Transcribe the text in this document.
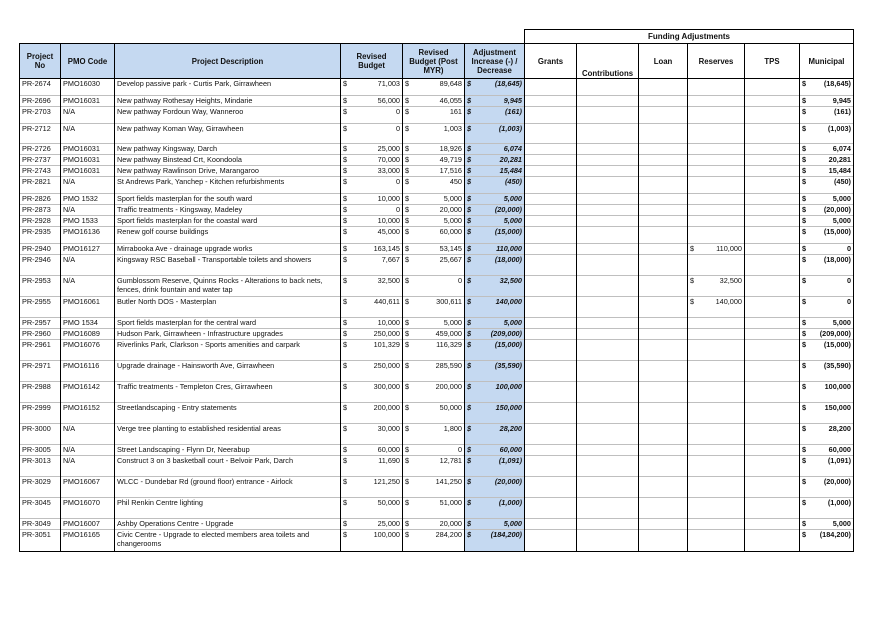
						Funding Adjustments					
Project No	PMO Code	Project Description	Revised Budget	Revised Budget (Post MYR)	Adjustment Increase (-) / Decrease	Grants	Contributions	Loan	Reserves	TPS	Municipal
PR-2674	PMO16030	Develop passive park - Curtis Park, Girrawheen	$ 71,003	$ 89,648	$ (18,645)						$ (18,645)

PR-2696	PMO16031	New pathway Rothesay Heights, Mindarie	$ 56,000	$ 46,055	$ 9,945						$ 9,945

PR-2703	N/A	New pathway Fordoun Way, Wanneroo	$ 0	$ 161	$ (161)						$ (161)

PR-2712	N/A	New pathway Koman Way, Girrawheen	$ 0	$ 1,003	$ (1,003)						$ (1,003)

PR-2726	PMO16031	New pathway Kingsway, Darch	$ 25,000	$ 18,926	$ 6,074						$ 6,074

PR-2737	PMO16031	New pathway Binstead Crt, Koondoola	$ 70,000	$ 49,719	$ 20,281						$ 20,281

PR-2743	PMO16031	New pathway Rawlinson Drive, Marangaroo	$ 33,000	$ 17,516	$ 15,484						$ 15,484

PR-2821	N/A	St Andrews Park, Yanchep - Kitchen refurbishments	$ 0	$ 450	$ (450)						$ (450)

PR-2826	PMO 1532	Sport fields masterplan for the south ward	$ 10,000	$ 5,000	$ 5,000						$ 5,000

PR-2873	N/A	Traffic treatments - Kingsway, Madeley	$ 0	$ 20,000	$ (20,000)						$ (20,000)

PR-2928	PMO 1533	Sport fields masterplan for the coastal ward	$ 10,000	$ 5,000	$ 5,000						$ 5,000

PR-2935	PMO16136	Renew golf course buildings	$ 45,000	$ 60,000	$ (15,000)						$ (15,000)

PR-2940	PMO16127	Mirrabooka Ave - drainage upgrade works	$ 163,145	$ 53,145	$ 110,000				$ 110,000		$ 0

PR-2946	N/A	Kingsway RSC Baseball - Transportable toilets and showers	$ 7,667	$ 25,667	$ (18,000)						$ (18,000)

PR-2953	N/A	Gumblossom Reserve, Quinns Rocks - Alterations to back nets, fences, drink fountain and water tap	$ 32,500	$ 0	$ 32,500				$ 32,500		$ 0

PR-2955	PMO16061	Butler North DOS - Masterplan	$ 440,611	$ 300,611	$ 140,000				$ 140,000		$ 0

PR-2957	PMO 1534	Sport fields masterplan for the central ward	$ 10,000	$ 5,000	$ 5,000						$ 5,000

PR-2960	PMO16089	Hudson Park, Girrawheen - Infrastructure upgrades	$ 250,000	$ 459,000	$ (209,000)						$ (209,000)

PR-2961	PMO16076	Riverlinks Park, Clarkson - Sports amenities and carpark	$ 101,329	$ 116,329	$ (15,000)						$ (15,000)

PR-2971	PMO16116	Upgrade drainage - Hainsworth Ave, Girrawheen	$ 250,000	$ 285,590	$ (35,590)						$ (35,590)

PR-2988	PMO16142	Traffic treatments - Templeton Cres, Girrawheen	$ 300,000	$ 200,000	$ 100,000						$ 100,000

PR-2999	PMO16152	Streetlandscaping - Entry statements	$ 200,000	$ 50,000	$ 150,000						$ 150,000

PR-3000	N/A	Verge tree planting to established residential areas	$ 30,000	$ 1,800	$ 28,200						$ 28,200

PR-3005	N/A	Street Landscaping - Flynn Dr, Neerabup	$ 60,000	$ 0	$ 60,000						$ 60,000

PR-3013	N/A	Construct 3 on 3 basketball court - Belvoir Park, Darch	$ 11,690	$ 12,781	$ (1,091)						$ (1,091)

PR-3029	PMO16067	WLCC - Dundebar Rd (ground floor) entrance - Airlock	$ 121,250	$ 141,250	$ (20,000)						$ (20,000)

PR-3045	PMO16070	Phil Renkin Centre lighting	$ 50,000	$ 51,000	$ (1,000)						$ (1,000)

PR-3049	PMO16007	Ashby Operations Centre - Upgrade	$ 25,000	$ 20,000	$ 5,000						$ 5,000

PR-3051	PMO16165	Civic Centre - Upgrade to elected members area toilets and changerooms	$ 100,000	$ 284,200	$ (184,200)						$ (184,200)
